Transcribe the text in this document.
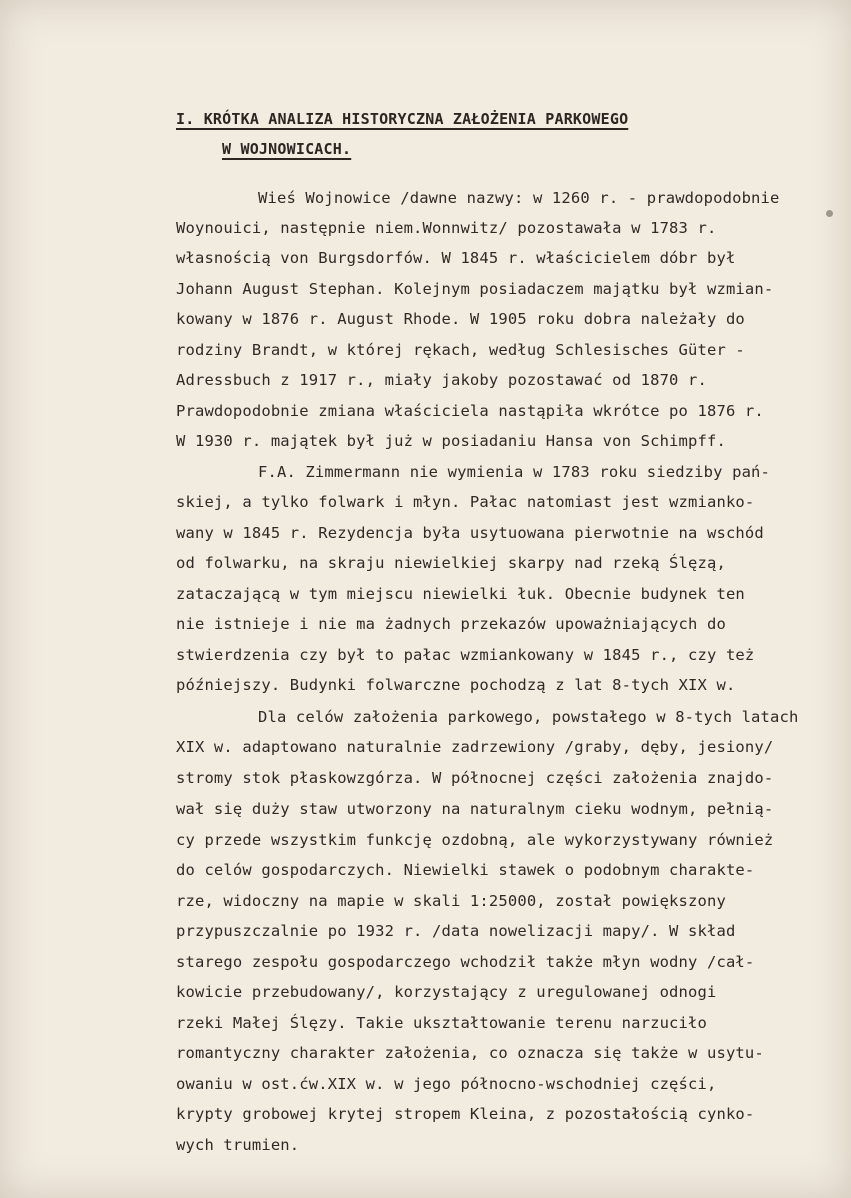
I. KRÓTKA ANALIZA HISTORYCZNA ZAŁOŻENIA PARKOWEGO
W WOJNOWICACH.
Wieś Wojnowice /dawne nazwy: w 1260 r. - prawdopodobnie
Woynouici, następnie niem.Wonnwitz/ pozostawała w 1783 r.
własnością von Burgsdorfów. W 1845 r. właścicielem dóbr był
Johann August Stephan. Kolejnym posiadaczem majątku był wzmian-
kowany w 1876 r. August Rhode. W 1905 roku dobra należały do
rodziny Brandt, w której rękach, według Schlesisches Güter -
Adressbuch z 1917 r., miały jakoby pozostawać od 1870 r.
Prawdopodobnie zmiana właściciela nastąpiła wkrótce po 1876 r.
W 1930 r. majątek był już w posiadaniu Hansa von Schimpff.
F.A. Zimmermann nie wymienia w 1783 roku siedziby pań-
skiej, a tylko folwark i młyn. Pałac natomiast jest wzmianko-
wany w 1845 r. Rezydencja była usytuowana pierwotnie na wschód
od folwarku, na skraju niewielkiej skarpy nad rzeką Ślęzą,
zataczającą w tym miejscu niewielki łuk. Obecnie budynek ten
nie istnieje i nie ma żadnych przekazów upoważniających do
stwierdzenia czy był to pałac wzmiankowany w 1845 r., czy też
późniejszy. Budynki folwarczne pochodzą z lat 8-tych XIX w.
Dla celów założenia parkowego, powstałego w 8-tych latach
XIX w. adaptowano naturalnie zadrzewiony /graby, dęby, jesiony/
stromy stok płaskowzgórza. W północnej części założenia znajdo-
wał się duży staw utworzony na naturalnym cieku wodnym, pełnią-
cy przede wszystkim funkcję ozdobną, ale wykorzystywany również
do celów gospodarczych. Niewielki stawek o podobnym charakte-
rze, widoczny na mapie w skali 1:25000, został powiększony
przypuszczalnie po 1932 r. /data nowelizacji mapy/. W skład
starego zespołu gospodarczego wchodził także młyn wodny /cał-
kowicie przebudowany/, korzystający z uregulowanej odnogi
rzeki Małej Ślęzy. Takie ukształtowanie terenu narzuciło
romantyczny charakter założenia, co oznacza się także w usytu-
owaniu w ost.ćw.XIX w. w jego północno-wschodniej części,
krypty grobowej krytej stropem Kleina, z pozostałością cynko-
wych trumien.
